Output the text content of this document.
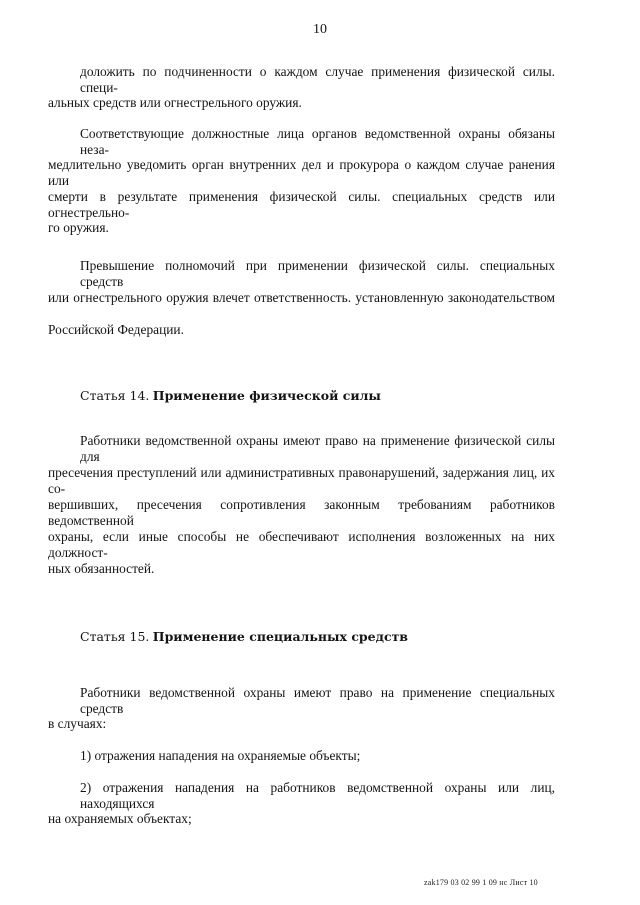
10
доложить по подчиненности о каждом случае применения физической силы. специ-
альных средств или огнестрельного оружия.
Соответствующие должностные лица органов ведомственной охраны обязаны неза-
медлительно уведомить орган внутренних дел и прокурора о каждом случае ранения или
смерти в результате применения физической силы. специальных средств или огнестрельно-
го оружия.
Превышение полномочий при применении физической силы. специальных средств
или огнестрельного оружия влечет ответственность. установленную законодательством
Российской Федерации.
Статья 14. Применение физической силы
Работники ведомственной охраны имеют право на применение физической силы для
пресечения преступлений или административных правонарушений, задержания лиц, их со-
вершивших, пресечения сопротивления законным требованиям работников ведомственной
охраны, если иные способы не обеспечивают исполнения возложенных на них должност-
ных обязанностей.
Статья 15. Применение специальных средств
Работники ведомственной охраны имеют право на применение специальных средств
в случаях:
1) отражения нападения на охраняемые объекты;
2) отражения нападения на работников ведомственной охраны или лиц, находящихся
на охраняемых объектах;
zak179 03 02 99 1 09 нс Лист 10
